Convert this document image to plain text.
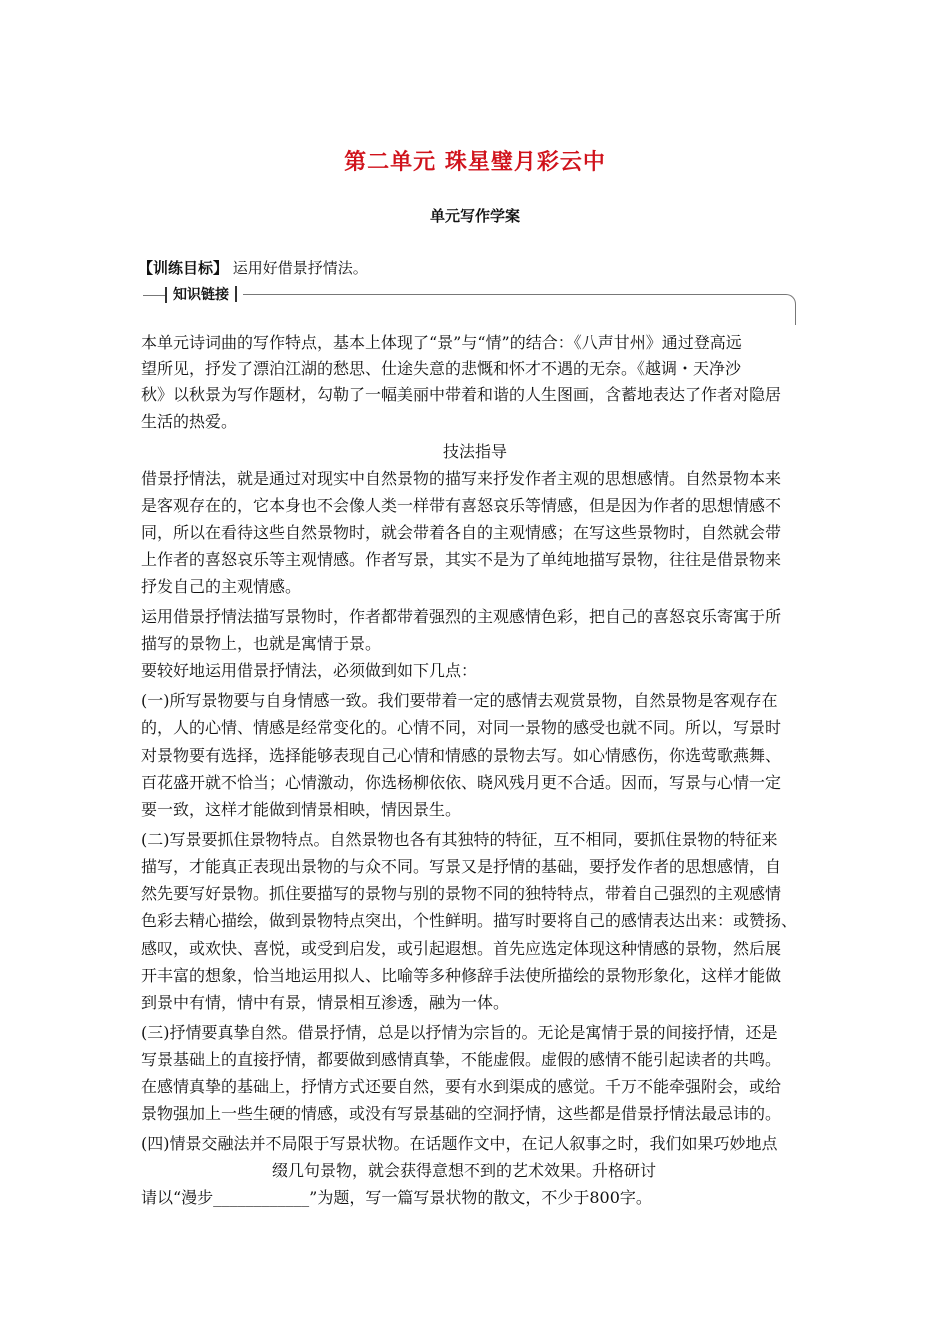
第二单元 珠星璧月彩云中
单元写作学案
【训练目标】 运用好借景抒情法。
知识链接
本单元诗词曲的写作特点，基本上体现了“景”与“情”的结合：《八声甘州》通过登高远
望所见，抒发了漂泊江湖的愁思、仕途失意的悲慨和怀才不遇的无奈。《越调・天净沙
秋》以秋景为写作题材，勾勒了一幅美丽中带着和谐的人生图画，含蓄地表达了作者对隐居
生活的热爱。
技法指导
借景抒情法，就是通过对现实中自然景物的描写来抒发作者主观的思想感情。自然景物本来
是客观存在的，它本身也不会像人类一样带有喜怒哀乐等情感，但是因为作者的思想情感不
同，所以在看待这些自然景物时，就会带着各自的主观情感；在写这些景物时，自然就会带
上作者的喜怒哀乐等主观情感。作者写景，其实不是为了单纯地描写景物，往往是借景物来
抒发自己的主观情感。
运用借景抒情法描写景物时，作者都带着强烈的主观感情色彩，把自己的喜怒哀乐寄寓于所
描写的景物上，也就是寓情于景。
要较好地运用借景抒情法，必须做到如下几点：
(一)所写景物要与自身情感一致。我们要带着一定的感情去观赏景物，自然景物是客观存在
的，人的心情、情感是经常变化的。心情不同，对同一景物的感受也就不同。所以，写景时
对景物要有选择，选择能够表现自己心情和情感的景物去写。如心情感伤，你选莺歌燕舞、
百花盛开就不恰当；心情激动，你选杨柳依依、晓风残月更不合适。因而，写景与心情一定
要一致，这样才能做到情景相映，情因景生。
(二)写景要抓住景物特点。自然景物也各有其独特的特征，互不相同，要抓住景物的特征来
描写，才能真正表现出景物的与众不同。写景又是抒情的基础，要抒发作者的思想感情，自
然先要写好景物。抓住要描写的景物与别的景物不同的独特特点，带着自己强烈的主观感情
色彩去精心描绘，做到景物特点突出，个性鲜明。描写时要将自己的感情表达出来：或赞扬、
感叹，或欢快、喜悦，或受到启发，或引起遐想。首先应选定体现这种情感的景物，然后展
开丰富的想象，恰当地运用拟人、比喻等多种修辞手法使所描绘的景物形象化，这样才能做
到景中有情，情中有景，情景相互渗透，融为一体。
(三)抒情要真挚自然。借景抒情，总是以抒情为宗旨的。无论是寓情于景的间接抒情，还是
写景基础上的直接抒情，都要做到感情真挚，不能虚假。虚假的感情不能引起读者的共鸣。
在感情真挚的基础上，抒情方式还要自然，要有水到渠成的感觉。千万不能牵强附会，或给
景物强加上一些生硬的情感，或没有写景基础的空洞抒情，这些都是借景抒情法最忌讳的。
(四)情景交融法并不局限于写景状物。在话题作文中，在记人叙事之时，我们如果巧妙地点
缀几句景物，就会获得意想不到的艺术效果。升格研讨
请以“漫步____________”为题，写一篇写景状物的散文，不少于800字。
